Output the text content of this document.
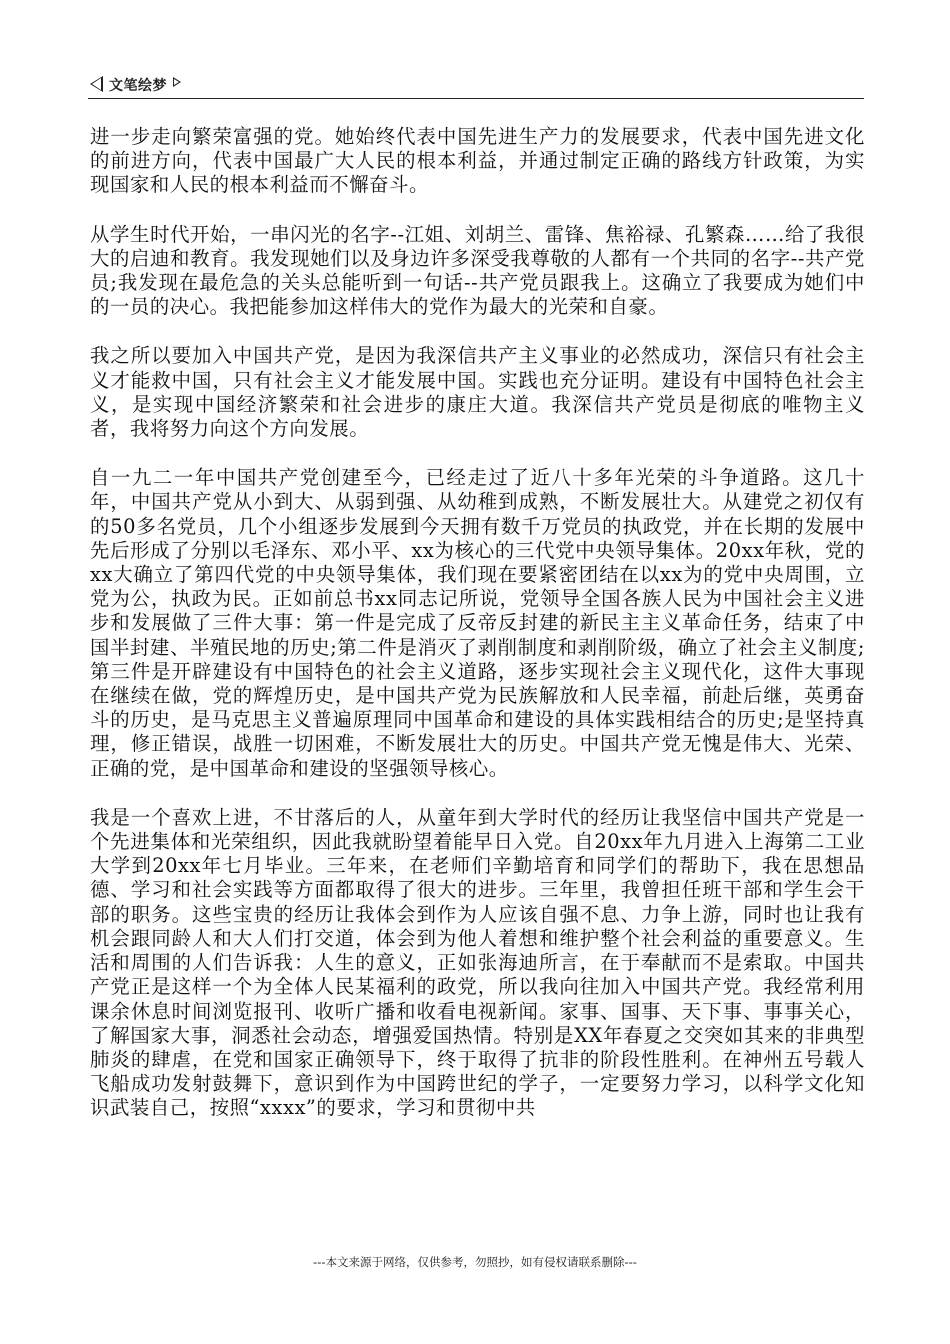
文笔绘梦

进一步走向繁荣富强的党。她始终代表中国先进生产力的发展要求，代表中国先进文化的前进方向，代表中国最广大人民的根本利益，并通过制定正确的路线方针政策，为实现国家和人民的根本利益而不懈奋斗。

从学生时代开始，一串闪光的名字--江姐、刘胡兰、雷锋、焦裕禄、孔繁森……给了我很大的启迪和教育。我发现她们以及身边许多深受我尊敬的人都有一个共同的名字--共产党员;我发现在最危急的关头总能听到一句话--共产党员跟我上。这确立了我要成为她们中的一员的决心。我把能参加这样伟大的党作为最大的光荣和自豪。

我之所以要加入中国共产党，是因为我深信共产主义事业的必然成功，深信只有社会主义才能救中国，只有社会主义才能发展中国。实践也充分证明。建设有中国特色社会主义，是实现中国经济繁荣和社会进步的康庄大道。我深信共产党员是彻底的唯物主义者，我将努力向这个方向发展。

自一九二一年中国共产党创建至今，已经走过了近八十多年光荣的斗争道路。这几十年，中国共产党从小到大、从弱到强、从幼稚到成熟，不断发展壮大。从建党之初仅有的50多名党员，几个小组逐步发展到今天拥有数千万党员的执政党，并在长期的发展中先后形成了分别以毛泽东、邓小平、xx为核心的三代党中央领导集体。20xx年秋，党的xx大确立了第四代党的中央领导集体，我们现在要紧密团结在以xx为的党中央周围，立党为公，执政为民。正如前总书xx同志记所说，党领导全国各族人民为中国社会主义进步和发展做了三件大事：第一件是完成了反帝反封建的新民主主义革命任务，结束了中国半封建、半殖民地的历史;第二件是消灭了剥削制度和剥削阶级，确立了社会主义制度;第三件是开辟建设有中国特色的社会主义道路，逐步实现社会主义现代化，这件大事现在继续在做，党的辉煌历史，是中国共产党为民族解放和人民幸福，前赴后继，英勇奋斗的历史，是马克思主义普遍原理同中国革命和建设的具体实践相结合的历史;是坚持真理，修正错误，战胜一切困难，不断发展壮大的历史。中国共产党无愧是伟大、光荣、正确的党，是中国革命和建设的坚强领导核心。

我是一个喜欢上进，不甘落后的人，从童年到大学时代的经历让我坚信中国共产党是一个先进集体和光荣组织，因此我就盼望着能早日入党。自20xx年九月进入上海第二工业大学到20xx年七月毕业。三年来，在老师们辛勤培育和同学们的帮助下，我在思想品德、学习和社会实践等方面都取得了很大的进步。三年里，我曾担任班干部和学生会干部的职务。这些宝贵的经历让我体会到作为人应该自强不息、力争上游，同时也让我有机会跟同龄人和大人们打交道，体会到为他人着想和维护整个社会利益的重要意义。生活和周围的人们告诉我：人生的意义，正如张海迪所言，在于奉献而不是索取。中国共产党正是这样一个为全体人民某福利的政党，所以我向往加入中国共产党。我经常利用课余休息时间浏览报刊、收听广播和收看电视新闻。家事、国事、天下事、事事关心，了解国家大事，洞悉社会动态，增强爱国热情。特别是XX年春夏之交突如其来的非典型肺炎的肆虐，在党和国家正确领导下，终于取得了抗非的阶段性胜利。在神州五号载人飞船成功发射鼓舞下，意识到作为中国跨世纪的学子，一定要努力学习，以科学文化知识武装自己，按照“xxxx”的要求，学习和贯彻中共

---本文来源于网络，仅供参考，勿照抄，如有侵权请联系删除---
